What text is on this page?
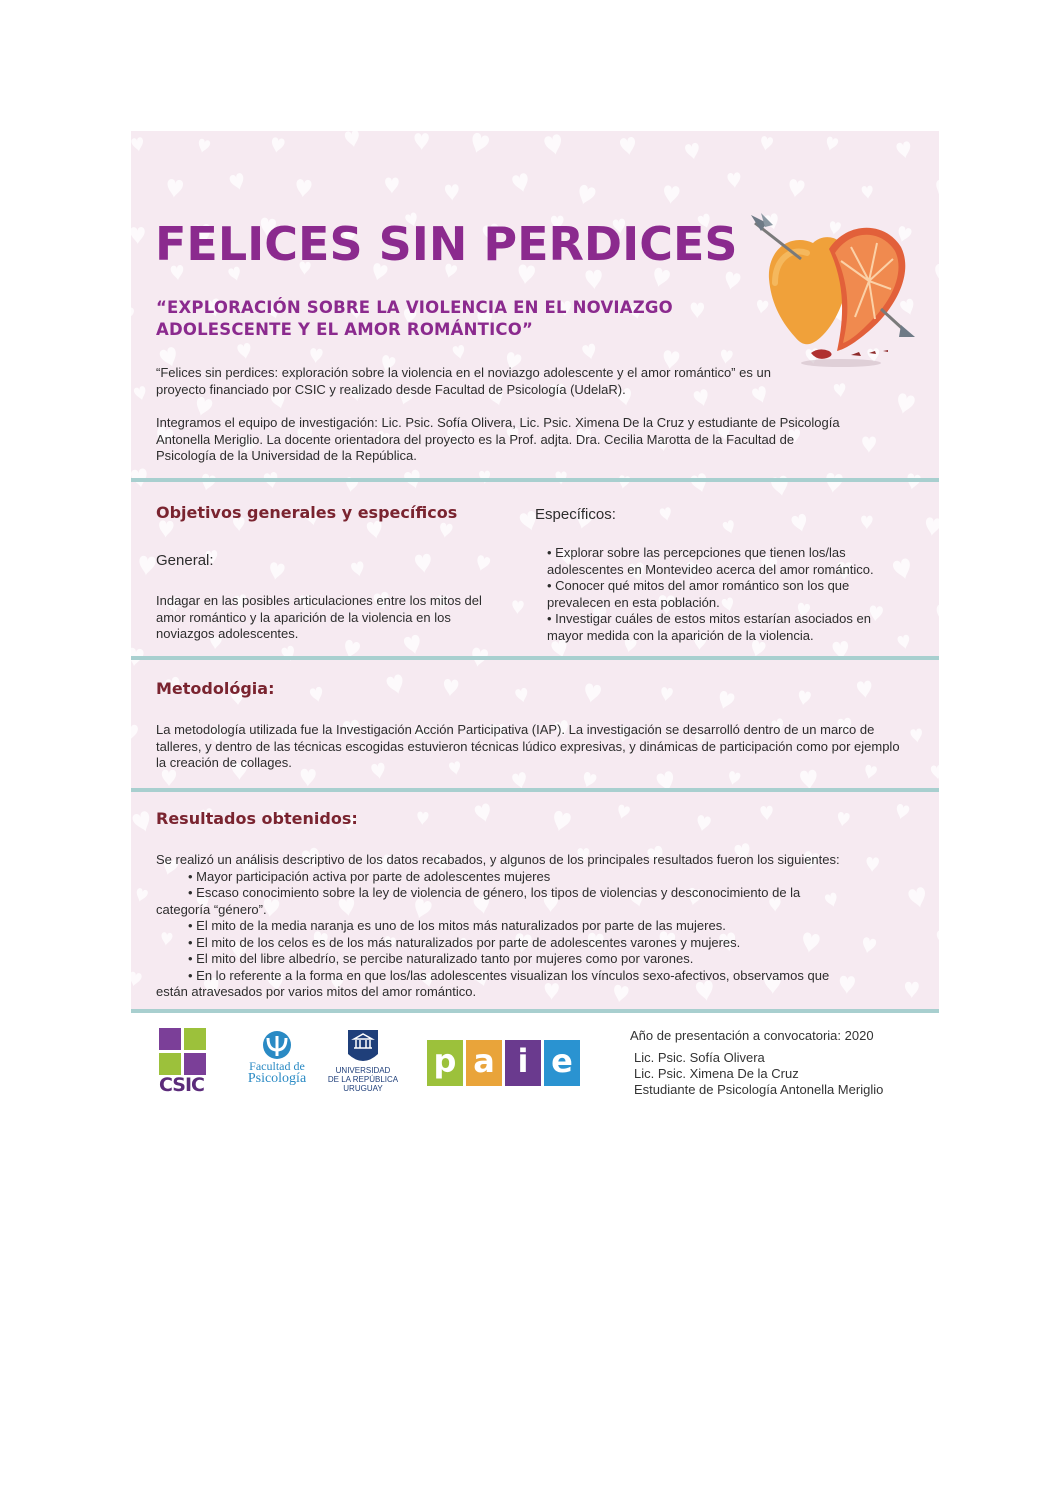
FELICES SIN PERDICES
“EXPLORACIÓN SOBRE LA VIOLENCIA EN EL NOVIAZGO
ADOLESCENTE Y EL AMOR ROMÁNTICO”

“Felices sin perdices: exploración sobre la violencia en el noviazgo adolescente y el amor romántico” es un proyecto financiado por CSIC y realizado desde Facultad de Psicología (UdelaR).

Integramos el equipo de investigación: Lic. Psic. Sofía Olivera, Lic. Psic. Ximena De la Cruz y estudiante de Psicología Antonella Meriglio. La docente orientadora del proyecto es la Prof. adjta. Dra. Cecilia Marotta de la Facultad de Psicología de la Universidad de la República.

Objetivos generales y específicos

General:

Indagar en las posibles articulaciones entre los mitos del amor romántico y la aparición de la violencia en los noviazgos adolescentes.

Específicos:

• Explorar sobre las percepciones que tienen los/las adolescentes en Montevideo acerca del amor romántico.

• Conocer qué mitos del amor romántico son los que prevalecen en esta población.

• Investigar cuáles de estos mitos estarían asociados en mayor medida con la aparición de la violencia.

Metodológia:

La metodología utilizada fue la Investigación Acción Participativa (IAP). La investigación se desarrolló dentro de un marco de talleres, y dentro de las técnicas escogidas estuvieron técnicas lúdico expresivas, y dinámicas de participación como por ejemplo la creación de collages.

Resultados obtenidos:

Se realizó un análisis descriptivo de los datos recabados, y algunos de los principales resultados fueron los siguientes:

• Mayor participación activa por parte de adolescentes mujeres

• Escaso conocimiento sobre la ley de violencia de género, los tipos de violencias y desconocimiento de la

categoría “género”.

• El mito de la media naranja es uno de los mitos más naturalizados por parte de las mujeres.

• El mito de los celos es de los más naturalizados por parte de adolescentes varones y mujeres.

• El mito del libre albedrío, se percibe naturalizado tanto por mujeres como por varones.

• En lo referente a la forma en que los/las adolescentes visualizan los vínculos sexo-afectivos, observamos que

están atravesados por varios mitos del amor romántico.

CSIC
Facultad de
Psicología
UNIVERSIDAD
DE LA REPÚBLICA
URUGUAY
p a i e
Año de presentación a convocatoria: 2020
Lic. Psic. Sofía Olivera
Lic. Psic. Ximena De la Cruz
Estudiante de Psicología Antonella Meriglio
